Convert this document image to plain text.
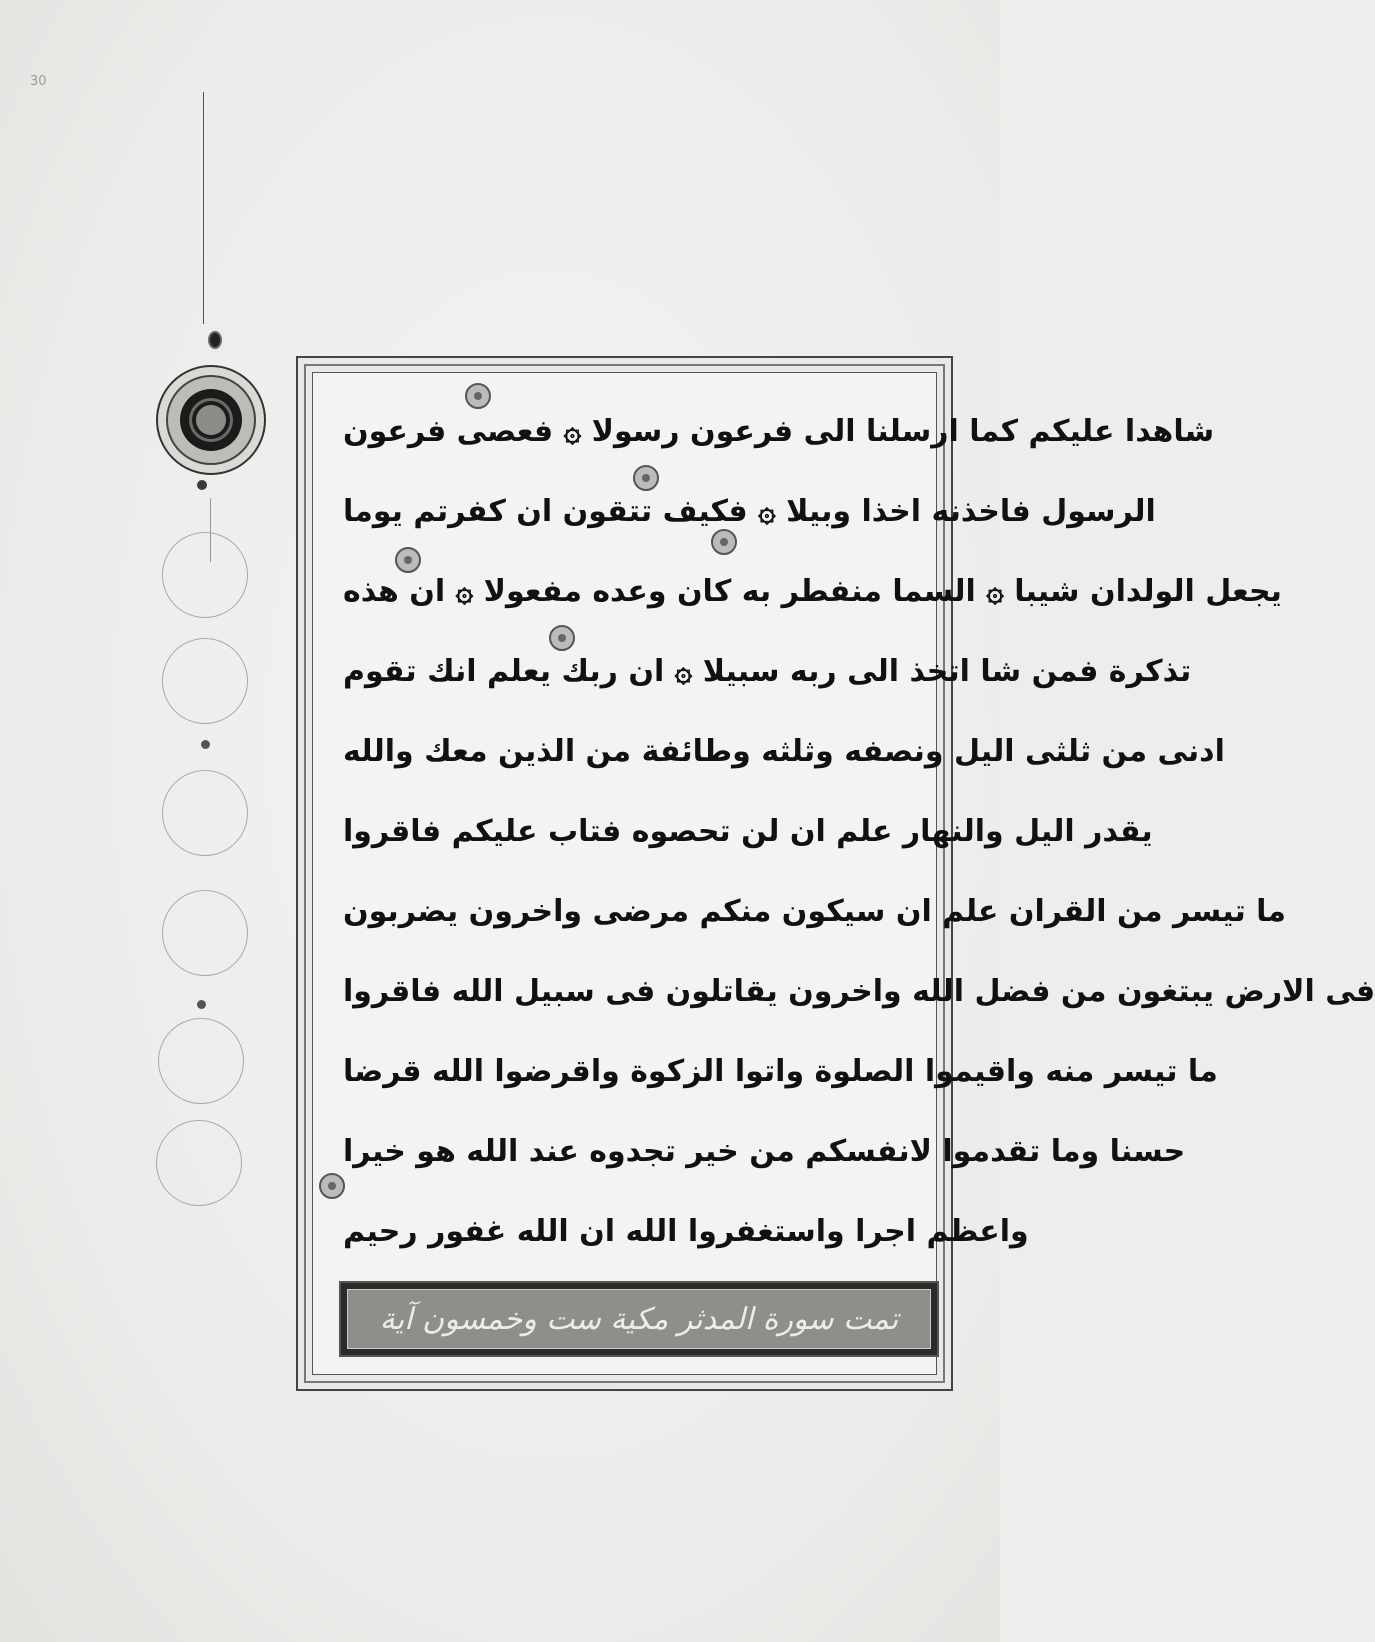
30
شاهدا عليكم كما ارسلنا الى فرعون رسولا ۞ فعصى فرعون
الرسول فاخذنه اخذا وبيلا ۞ فكيف تتقون ان كفرتم يوما
يجعل الولدان شيبا ۞ السما منفطر به كان وعده مفعولا ۞ ان هذه
تذكرة فمن شا اتخذ الى ربه سبيلا ۞ ان ربك يعلم انك تقوم
ادنى من ثلثى اليل ونصفه وثلثه وطائفة من الذين معك والله
يقدر اليل والنهار علم ان لن تحصوه فتاب عليكم فاقروا
ما تيسر من القران علم ان سيكون منكم مرضى واخرون يضربون
فى الارض يبتغون من فضل الله واخرون يقاتلون فى سبيل الله فاقروا
ما تيسر منه واقيموا الصلوة واتوا الزكوة واقرضوا الله قرضا
حسنا وما تقدموا لانفسكم من خير تجدوه عند الله هو خيرا
واعظم اجرا واستغفروا الله ان الله غفور رحيم
تمت سورة المدثر مكية ست وخمسون آية
